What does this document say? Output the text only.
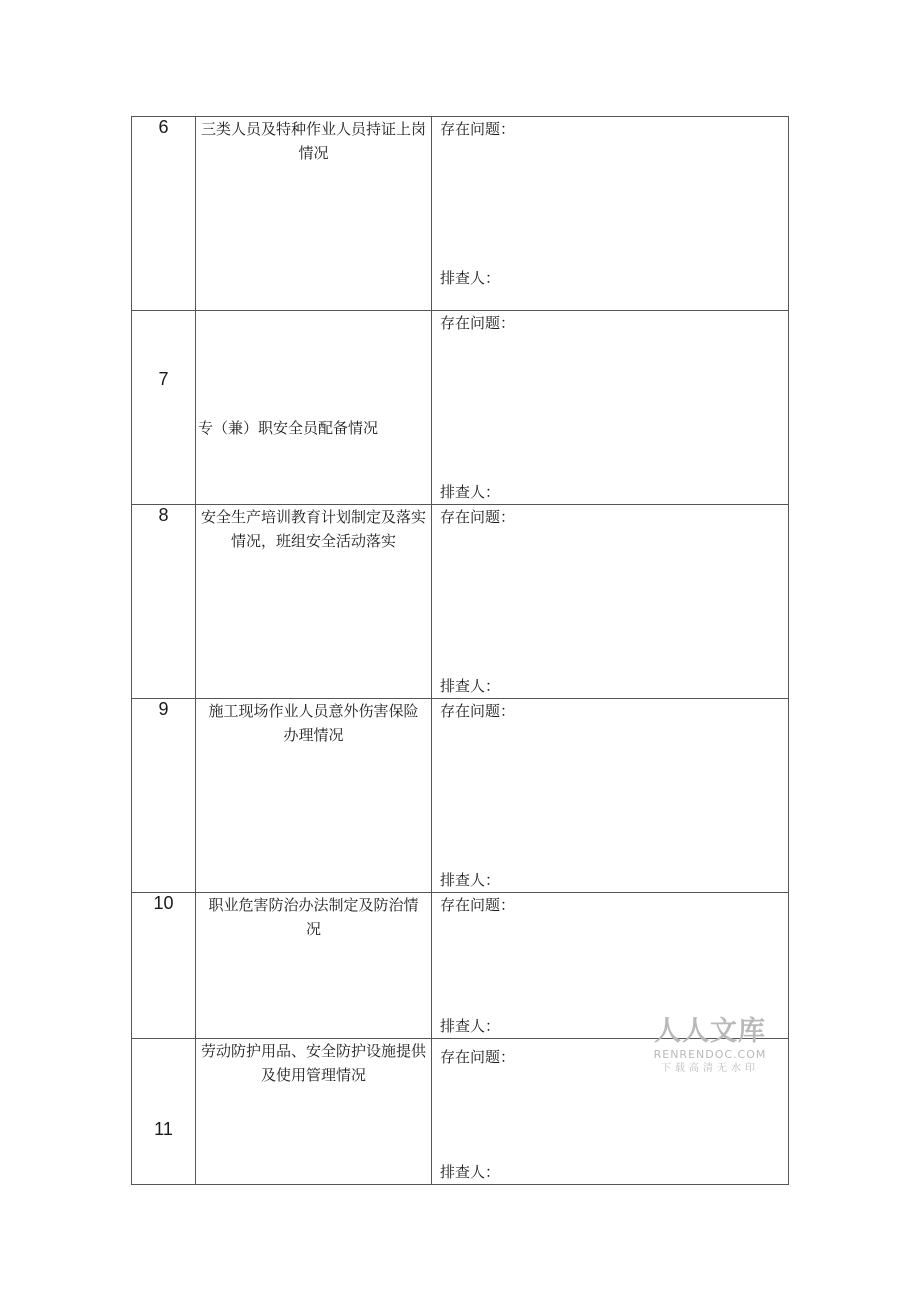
6	三类人员及特种作业人员持证上岗情况	存在问题：
排查人：

7	专（兼）职安全员配备情况	存在问题：
排查人：

8	安全生产培训教育计划制定及落实情况，班组安全活动落实	存在问题：
排查人：

9	施工现场作业人员意外伤害保险办理情况	存在问题：
排查人：

10	职业危害防治办法制定及防治情况	存在问题：
排查人：

11	劳动防护用品、安全防护设施提供及使用管理情况	存在问题：
排查人：
人人文库
RENRENDOC.COM
下载高清无水印
